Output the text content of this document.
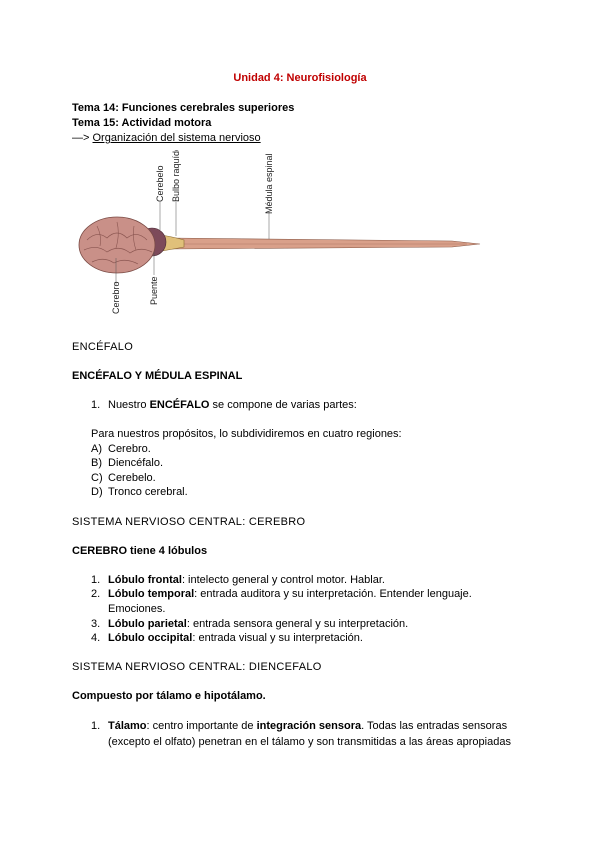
Unidad 4: Neurofisiología
Tema 14: Funciones cerebrales superiores
Tema 15: Actividad motora
—> Organización del sistema nervioso
Cerebelo Bulbo raquídeo	Médula espinal
Cerebro	Puente
ENCÉFALO
ENCÉFALO Y MÉDULA ESPINAL
1. Nuestro ENCÉFALO se compone de varias partes:
Para nuestros propósitos, lo subdividiremos en cuatro regiones:
A) Cerebro.
B) Diencéfalo.
C) Cerebelo.
D) Tronco cerebral.
SISTEMA NERVIOSO CENTRAL: CEREBRO
CEREBRO tiene 4 lóbulos
1. Lóbulo frontal: intelecto general y control motor. Hablar.
2. Lóbulo temporal: entrada auditora y su interpretación. Entender lenguaje.
Emociones.
3. Lóbulo parietal: entrada sensora general y su interpretación.
4. Lóbulo occipital: entrada visual y su interpretación.
SISTEMA NERVIOSO CENTRAL: DIENCEFALO
Compuesto por tálamo e hipotálamo.
1. Tálamo: centro importante de integración sensora. Todas las entradas sensoras
(excepto el olfato) penetran en el tálamo y son transmitidas a las áreas apropiadas
